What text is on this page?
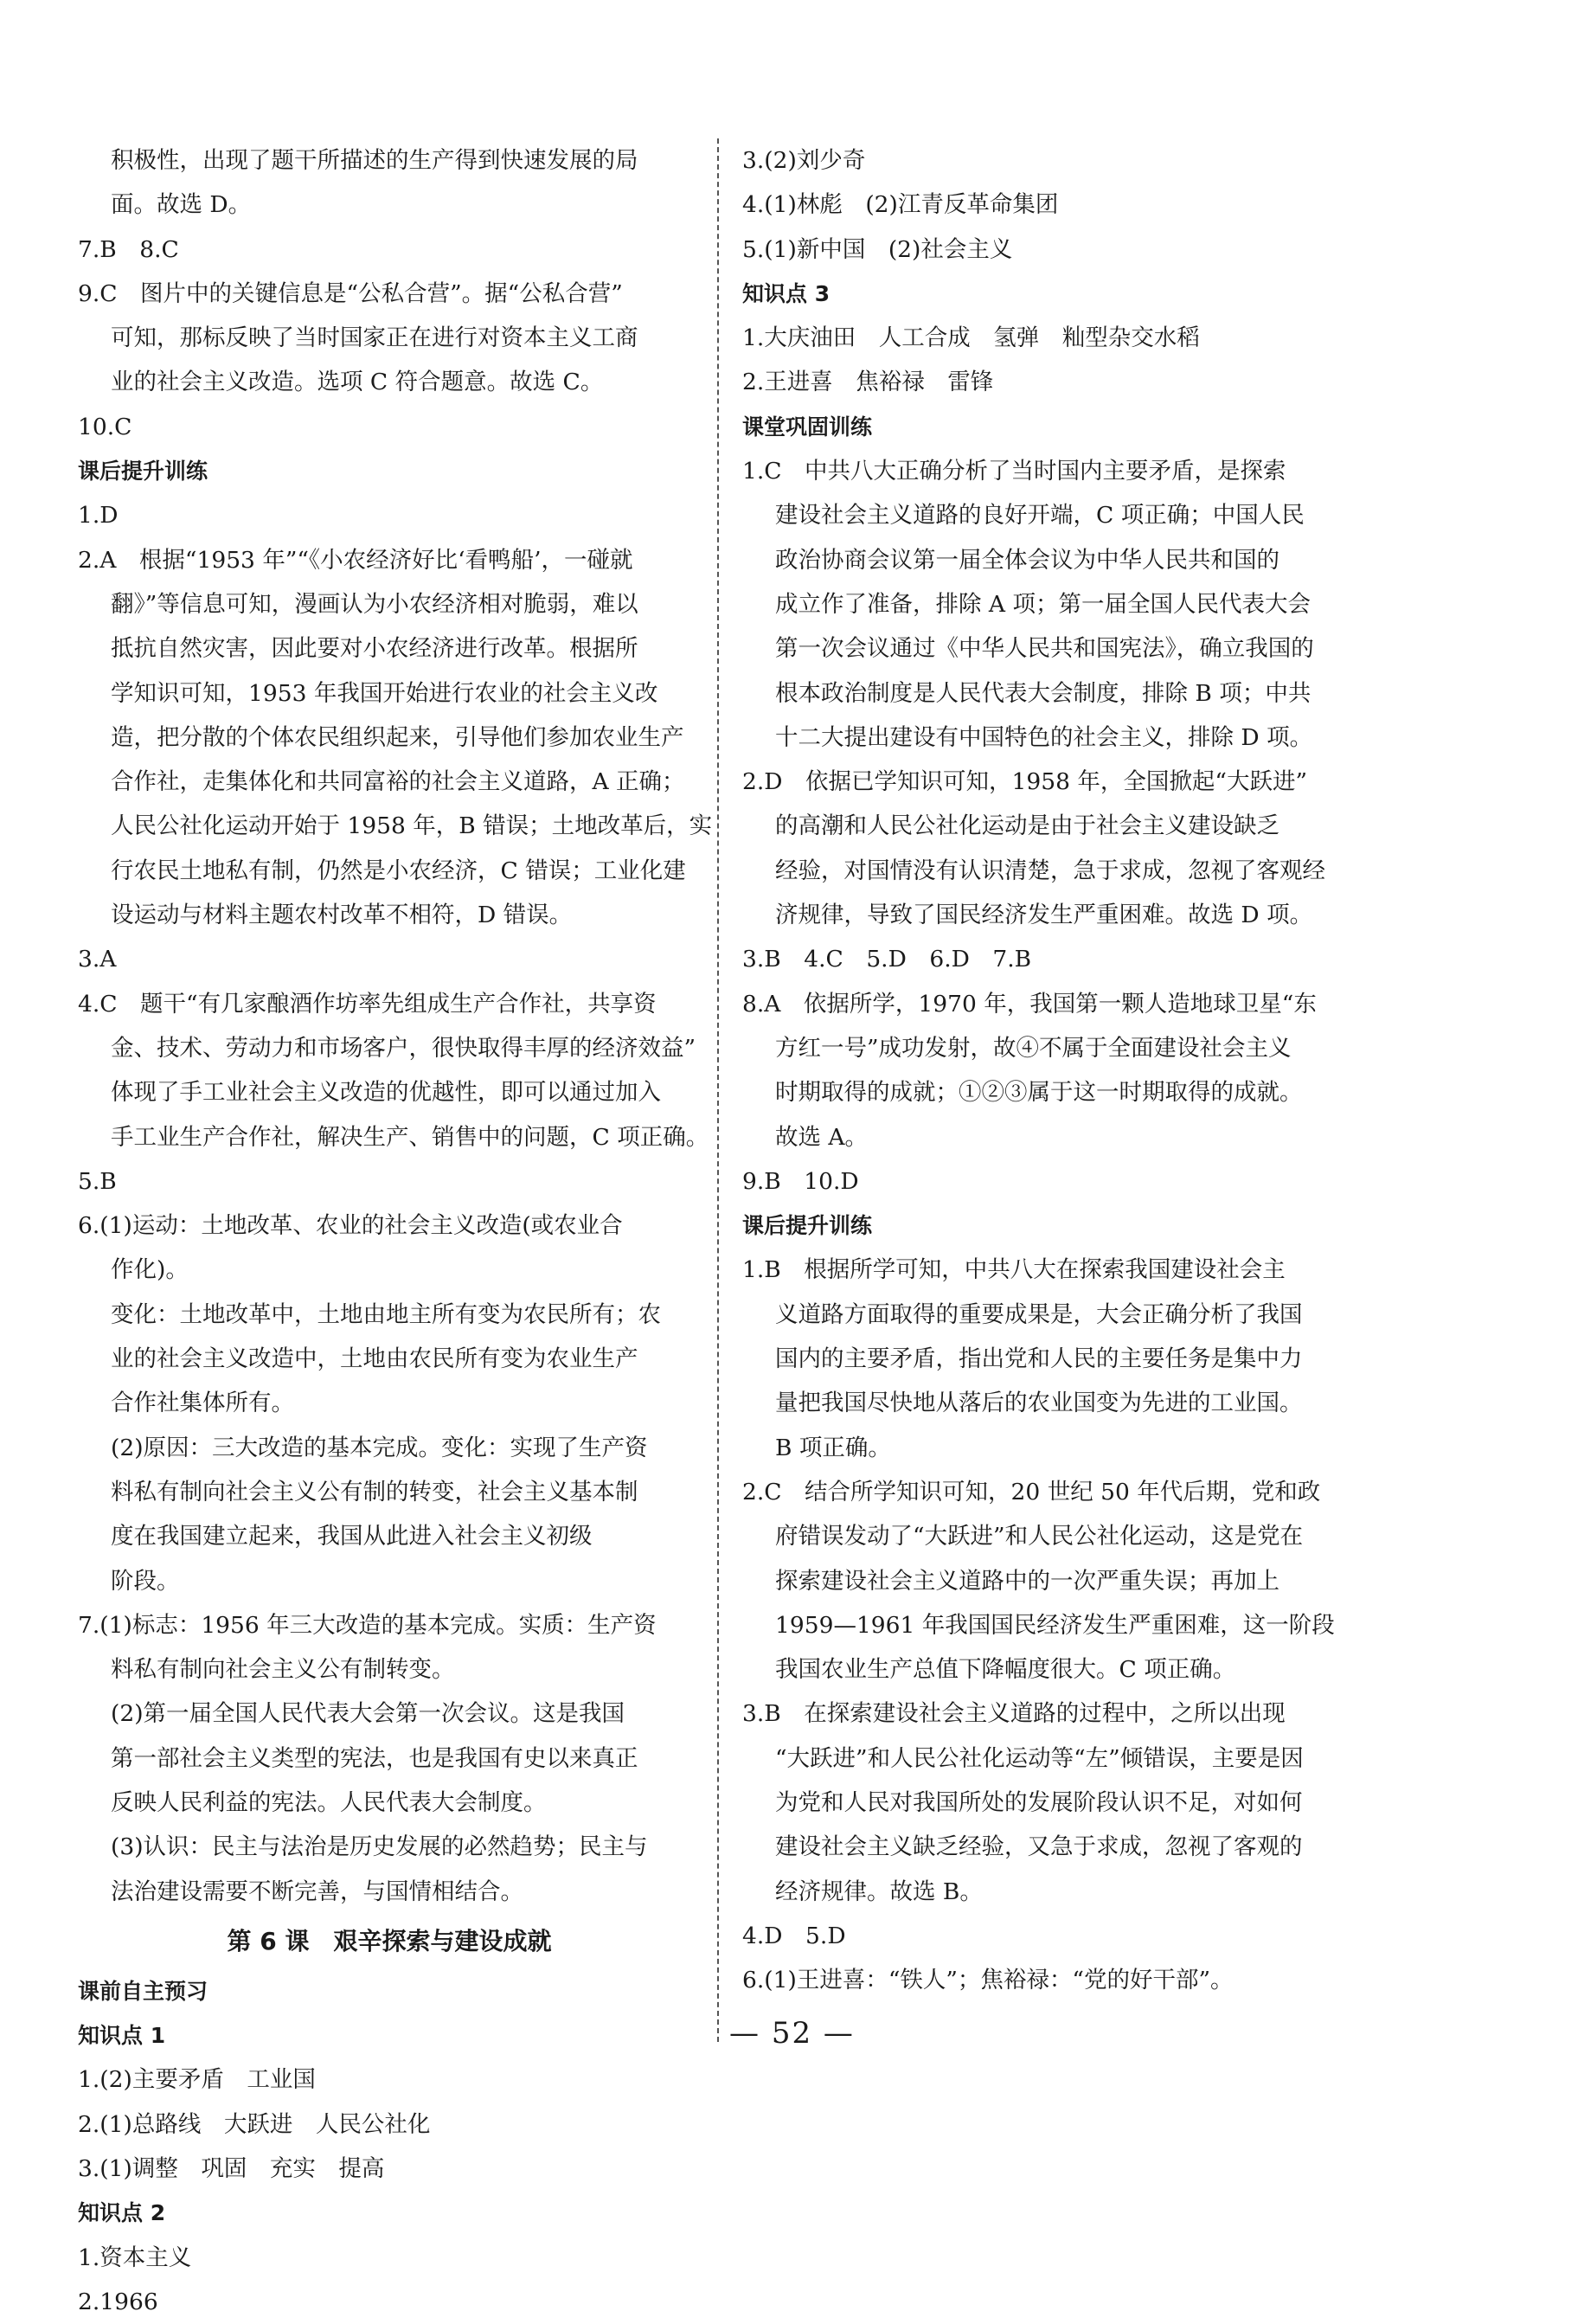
积极性，出现了题干所描述的生产得到快速发展的局
面。故选 D。
7.B　8.C
9.C　图片中的关键信息是“公私合营”。据“公私合营”
可知，那标反映了当时国家正在进行对资本主义工商
业的社会主义改造。选项 C 符合题意。故选 C。
10.C
课后提升训练
1.D
2.A　根据“1953 年”“《小农经济好比‘看鸭船’，一碰就
翻》”等信息可知，漫画认为小农经济相对脆弱，难以
抵抗自然灾害，因此要对小农经济进行改革。根据所
学知识可知，1953 年我国开始进行农业的社会主义改
造，把分散的个体农民组织起来，引导他们参加农业生产
合作社，走集体化和共同富裕的社会主义道路，A 正确；
人民公社化运动开始于 1958 年，B 错误；土地改革后，实
行农民土地私有制，仍然是小农经济，C 错误；工业化建
设运动与材料主题农村改革不相符，D 错误。
3.A
4.C　题干“有几家酿酒作坊率先组成生产合作社，共享资
金、技术、劳动力和市场客户，很快取得丰厚的经济效益”
体现了手工业社会主义改造的优越性，即可以通过加入
手工业生产合作社，解决生产、销售中的问题，C 项正确。
5.B
6.(1)运动：土地改革、农业的社会主义改造(或农业合
作化)。
变化：土地改革中，土地由地主所有变为农民所有；农
业的社会主义改造中，土地由农民所有变为农业生产
合作社集体所有。
(2)原因：三大改造的基本完成。变化：实现了生产资
料私有制向社会主义公有制的转变，社会主义基本制
度在我国建立起来，我国从此进入社会主义初级
阶段。
7.(1)标志：1956 年三大改造的基本完成。实质：生产资
料私有制向社会主义公有制转变。
(2)第一届全国人民代表大会第一次会议。这是我国
第一部社会主义类型的宪法，也是我国有史以来真正
反映人民利益的宪法。人民代表大会制度。
(3)认识：民主与法治是历史发展的必然趋势；民主与
法治建设需要不断完善，与国情相结合。
第 6 课　艰辛探索与建设成就
课前自主预习
知识点 1
1.(2)主要矛盾　工业国
2.(1)总路线　大跃进　人民公社化
3.(1)调整　巩固　充实　提高
知识点 2
1.资本主义
2.1966
3.(2)刘少奇
4.(1)林彪　(2)江青反革命集团
5.(1)新中国　(2)社会主义
知识点 3
1.大庆油田　人工合成　氢弹　籼型杂交水稻
2.王进喜　焦裕禄　雷锋
课堂巩固训练
1.C　中共八大正确分析了当时国内主要矛盾，是探索
建设社会主义道路的良好开端，C 项正确；中国人民
政治协商会议第一届全体会议为中华人民共和国的
成立作了准备，排除 A 项；第一届全国人民代表大会
第一次会议通过《中华人民共和国宪法》，确立我国的
根本政治制度是人民代表大会制度，排除 B 项；中共
十二大提出建设有中国特色的社会主义，排除 D 项。
2.D　依据已学知识可知，1958 年，全国掀起“大跃进”
的高潮和人民公社化运动是由于社会主义建设缺乏
经验，对国情没有认识清楚，急于求成，忽视了客观经
济规律，导致了国民经济发生严重困难。故选 D 项。
3.B　4.C　5.D　6.D　7.B
8.A　依据所学，1970 年，我国第一颗人造地球卫星“东
方红一号”成功发射，故④不属于全面建设社会主义
时期取得的成就；①②③属于这一时期取得的成就。
故选 A。
9.B　10.D
课后提升训练
1.B　根据所学可知，中共八大在探索我国建设社会主
义道路方面取得的重要成果是，大会正确分析了我国
国内的主要矛盾，指出党和人民的主要任务是集中力
量把我国尽快地从落后的农业国变为先进的工业国。
B 项正确。
2.C　结合所学知识可知，20 世纪 50 年代后期，党和政
府错误发动了“大跃进”和人民公社化运动，这是党在
探索建设社会主义道路中的一次严重失误；再加上
1959—1961 年我国国民经济发生严重困难，这一阶段
我国农业生产总值下降幅度很大。C 项正确。
3.B　在探索建设社会主义道路的过程中，之所以出现
“大跃进”和人民公社化运动等“左”倾错误，主要是因
为党和人民对我国所处的发展阶段认识不足，对如何
建设社会主义缺乏经验，又急于求成，忽视了客观的
经济规律。故选 B。
4.D　5.D
6.(1)王进喜：“铁人”；焦裕禄：“党的好干部”。
— 52 —
